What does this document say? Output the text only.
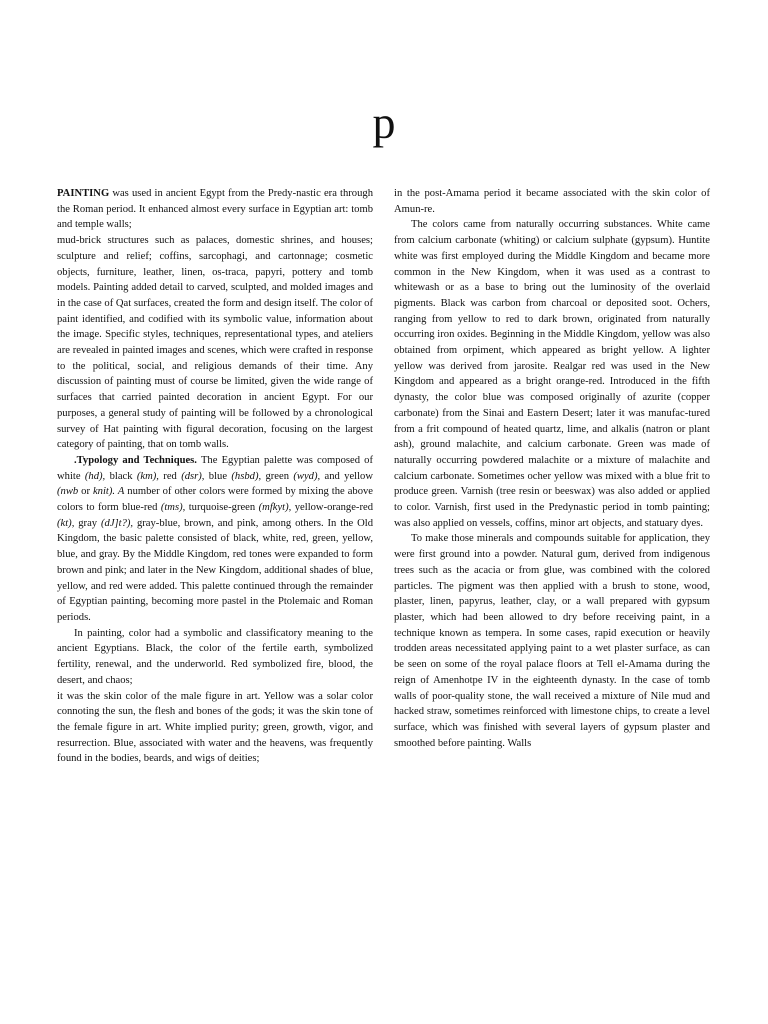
p

PAINTING was used in ancient Egypt from the Predy-nastic era through the Roman period. It enhanced almost every surface in Egyptian art: tomb and temple walls;

mud-brick structures such as palaces, domestic shrines, and houses; sculpture and relief; coffins, sarcophagi, and cartonnage; cosmetic objects, furniture, leather, linen, os-traca, papyri, pottery and tomb models. Painting added detail to carved, sculpted, and molded images and in the case of Qat surfaces, created the form and design itself. The color of paint identified, and codified with its symbolic value, information about the image. Specific styles, techniques, representational types, and ateliers are revealed in painted images and scenes, which were crafted in response to the political, social, and religious demands of their time. Any discussion of painting must of course be limited, given the wide range of surfaces that carried painted decoration in ancient Egypt. For our purposes, a general study of painting will be followed by a chronological survey of Hat painting with figural decoration, focusing on the largest category of painting, that on tomb walls.

.Typology and Techniques. The Egyptian palette was composed of white (hd), black (km), red (dsr), blue (hsbd), green (wyd), and yellow (nwb or knit). A number of other colors were formed by mixing the above colors to form blue-red (tms), turquoise-green (mfkyt), yellow-orange-red (kt), gray (dJ]t?), gray-blue, brown, and pink, among others. In the Old Kingdom, the basic palette consisted of black, white, red, green, yellow, blue, and gray. By the Middle Kingdom, red tones were expanded to form brown and pink; and later in the New Kingdom, additional shades of blue, yellow, and red were added. This palette continued through the remainder of Egyptian painting, becoming more pastel in the Ptolemaic and Roman periods.

In painting, color had a symbolic and classificatory meaning to the ancient Egyptians. Black, the color of the fertile earth, symbolized fertility, renewal, and the underworld. Red symbolized fire, blood, the desert, and chaos;

it was the skin color of the male figure in art. Yellow was a solar color connoting the sun, the flesh and bones of the gods; it was the skin tone of the female figure in art. White implied purity; green, growth, vigor, and resurrection. Blue, associated with water and the heavens, was frequently found in the bodies, beards, and wigs of deities;

in the post-Amama period it became associated with the skin color of Amun-re.

The colors came from naturally occurring substances. White came from calcium carbonate (whiting) or calcium sulphate (gypsum). Huntite white was first employed during the Middle Kingdom and became more common in the New Kingdom, when it was used as a contrast to whitewash or as a base to bring out the luminosity of the overlaid pigments. Black was carbon from charcoal or deposited soot. Ochers, ranging from yellow to red to dark brown, originated from naturally occurring iron oxides. Beginning in the Middle Kingdom, yellow was also obtained from orpiment, which appeared as bright yellow. A lighter yellow was derived from jarosite. Realgar red was used in the New Kingdom and appeared as a bright orange-red. Introduced in the fifth dynasty, the color blue was composed originally of azurite (copper carbonate) from the Sinai and Eastern Desert; later it was manufac-tured from a frit compound of heated quartz, lime, and alkalis (natron or plant ash), ground malachite, and calcium carbonate. Green was made of naturally occurring powdered malachite or a mixture of malachite and calcium carbonate. Sometimes ocher yellow was mixed with a blue frit to produce green. Varnish (tree resin or beeswax) was also added or applied to color. Varnish, first used in the Predynastic period in tomb painting; was also applied on vessels, coffins, minor art objects, and statuary dyes.

To make those minerals and compounds suitable for application, they were first ground into a powder. Natural gum, derived from indigenous trees such as the acacia or from glue, was combined with the colored particles. The pigment was then applied with a brush to stone, wood, plaster, linen, papyrus, leather, clay, or a wall prepared with gypsum plaster, which had been allowed to dry before receiving paint, in a technique known as tempera. In some cases, rapid execution or heavily trodden areas necessitated applying paint to a wet plaster surface, as can be seen on some of the royal palace floors at Tell el-Amama during the reign of Amenhotpe IV in the eighteenth dynasty. In the case of tomb walls of poor-quality stone, the wall received a mixture of Nile mud and hacked straw, sometimes reinforced with limestone chips, to create a level surface, which was finished with several layers of gypsum plaster and smoothed before painting. Walls
